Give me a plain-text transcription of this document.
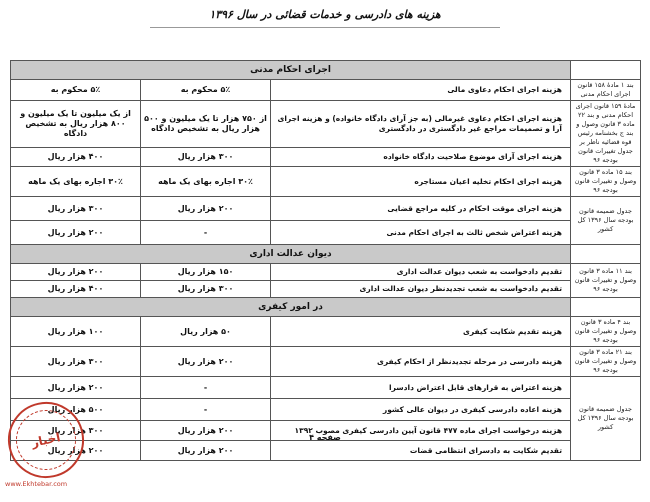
هزینه های دادرسی و خدمات قضائی در سال ۱۳۹۶
	اجرای احکام مدنی		
بند ۱ مادهٔ ۱۵۸ قانون اجرای احکام مدنی	هزینه اجرای احکام دعاوی مالی	۵٪ محکوم به	۵٪ محکوم به
مادهٔ ۱۵۹ قانون اجرای احکام مدنی و بند ۲۲ ماده ۳ قانون وصول و بند ج بخشنامه رئیس قوه قضائیه ناظر بر جدول تغییرات قانون بودجه ۹۶	هزینه اجرای احکام دعاوی غیرمالی (به جز آرای دادگاه خانواده) و هزینه اجرای آرا و تصمیمات مراجع غیر دادگستری در دادگستری	از ۷۵۰ هزار تا یک میلیون و ۵۰۰ هزار ریال به تشخیص دادگاه	از یک میلیون تا یک میلیون و ۸۰۰ هزار ریال به تشخیص دادگاه
	هزینه اجرای آرای موضوع صلاحیت دادگاه خانواده	۳۰۰ هزار ریال	۴۰۰ هزار ریال
بند ۱۵ ماده ۳ قانون وصول و تغییرات قانون بودجه ۹۶	هزینه اجرای احکام تخلیه اعیان مستاجره	۳۰٪ اجاره بهای یک ماهه	۳۰٪ اجاره بهای یک ماهه
جدول ضمیمه قانون بودجه سال ۱۳۹۶ کل کشور	هزینه اجرای موقت احکام در کلیه مراجع قضایی	۲۰۰ هزار ریال	۳۰۰ هزار ریال
	هزینه اعتراض شخص ثالث به اجرای احکام مدنی	-	۲۰۰ هزار ریال
	دیوان عدالت اداری		
بند ۱۱ ماده ۳ قانون وصول و تغییرات قانون بودجه ۹۶	تقدیم دادخواست به شعب دیوان عدالت اداری	۱۵۰ هزار ریال	۲۰۰ هزار ریال
	تقدیم دادخواست به شعب تجدیدنظر دیوان عدالت اداری	۳۰۰ هزار ریال	۴۰۰ هزار ریال
	در امور کیفری		
بند ۴ ماده ۳ قانون وصول و تغییرات قانون بودجه ۹۶	هزینه تقدیم شکایت کیفری	۵۰ هزار ریال	۱۰۰ هزار ریال
بند ۲۱ ماده ۳ قانون وصول و تغییرات قانون بودجه ۹۶	هزینه دادرسی در مرحله تجدیدنظر از احکام کیفری	۲۰۰ هزار ریال	۳۰۰ هزار ریال
جدول ضمیمه قانون بودجه سال ۱۳۹۶ کل کشور	هزینه اعتراض به قرارهای قابل اعتراض دادسرا	-	۲۰۰ هزار ریال
	هزینه اعاده دادرسی کیفری در دیوان عالی کشور	-	۵۰۰ هزار ریال
	هزینه درخواست اجرای ماده ۴۷۷ قانون آیین دادرسی کیفری مصوب ۱۳۹۲	۲۰۰ هزار ریال	۳۰۰ هزار ریال
	تقدیم شکایت به دادسرای انتظامی قضات	۲۰۰ هزار ریال	۲۰۰ هزار ریال
صفحه ۴
اخبار
www.Ekhtebar.com
